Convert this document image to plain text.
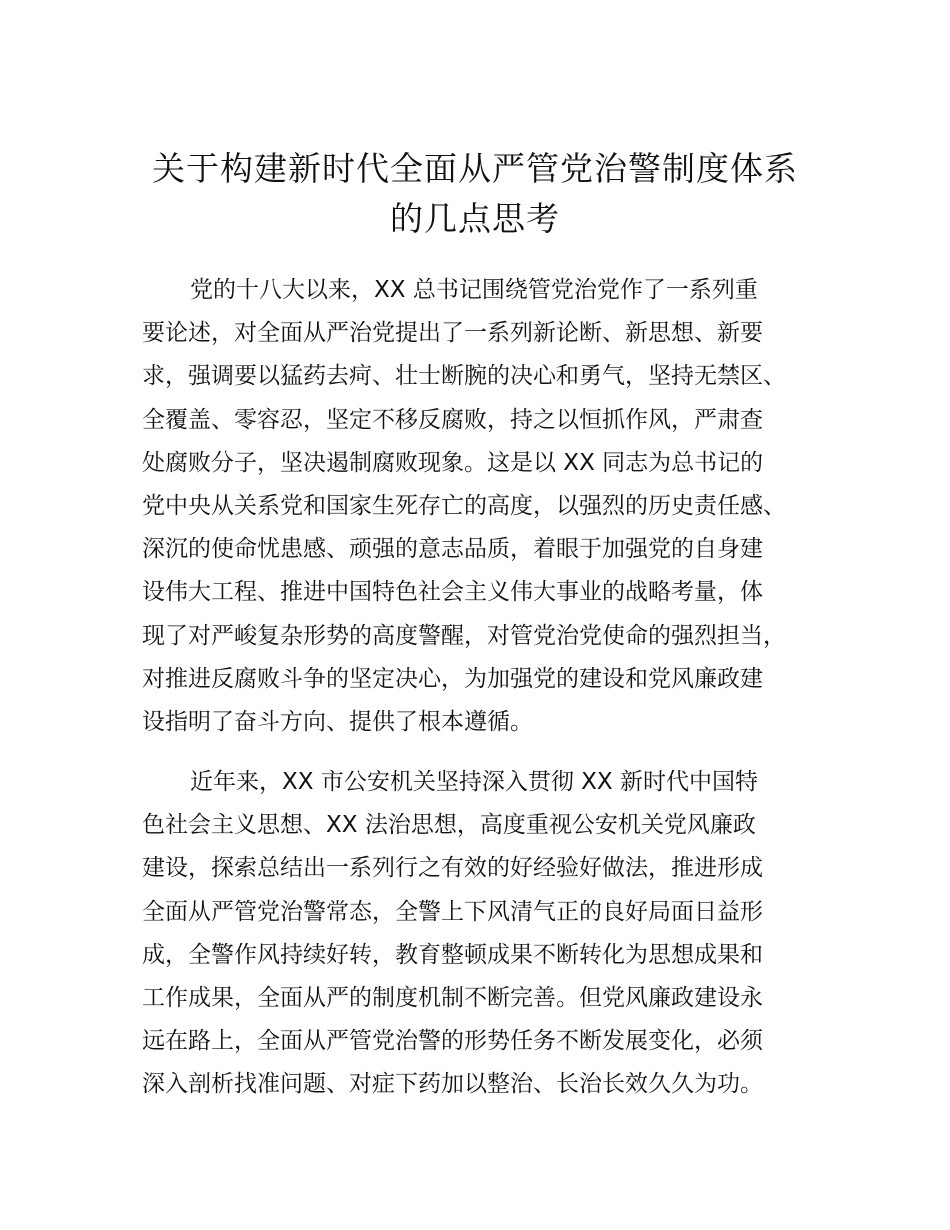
关于构建新时代全面从严管党治警制度体系
的几点思考
党的十八大以来，XX 总书记围绕管党治党作了一系列重
要论述，对全面从严治党提出了一系列新论断、新思想、新要
求，强调要以猛药去疴、壮士断腕的决心和勇气，坚持无禁区、
全覆盖、零容忍，坚定不移反腐败，持之以恒抓作风，严肃查
处腐败分子，坚决遏制腐败现象。这是以 XX 同志为总书记的
党中央从关系党和国家生死存亡的高度，以强烈的历史责任感、
深沉的使命忧患感、顽强的意志品质，着眼于加强党的自身建
设伟大工程、推进中国特色社会主义伟大事业的战略考量，体
现了对严峻复杂形势的高度警醒，对管党治党使命的强烈担当，
对推进反腐败斗争的坚定决心，为加强党的建设和党风廉政建
设指明了奋斗方向、提供了根本遵循。
近年来，XX 市公安机关坚持深入贯彻 XX 新时代中国特
色社会主义思想、XX 法治思想，高度重视公安机关党风廉政
建设，探索总结出一系列行之有效的好经验好做法，推进形成
全面从严管党治警常态，全警上下风清气正的良好局面日益形
成，全警作风持续好转，教育整顿成果不断转化为思想成果和
工作成果，全面从严的制度机制不断完善。但党风廉政建设永
远在路上，全面从严管党治警的形势任务不断发展变化，必须
深入剖析找准问题、对症下药加以整治、长治长效久久为功。
